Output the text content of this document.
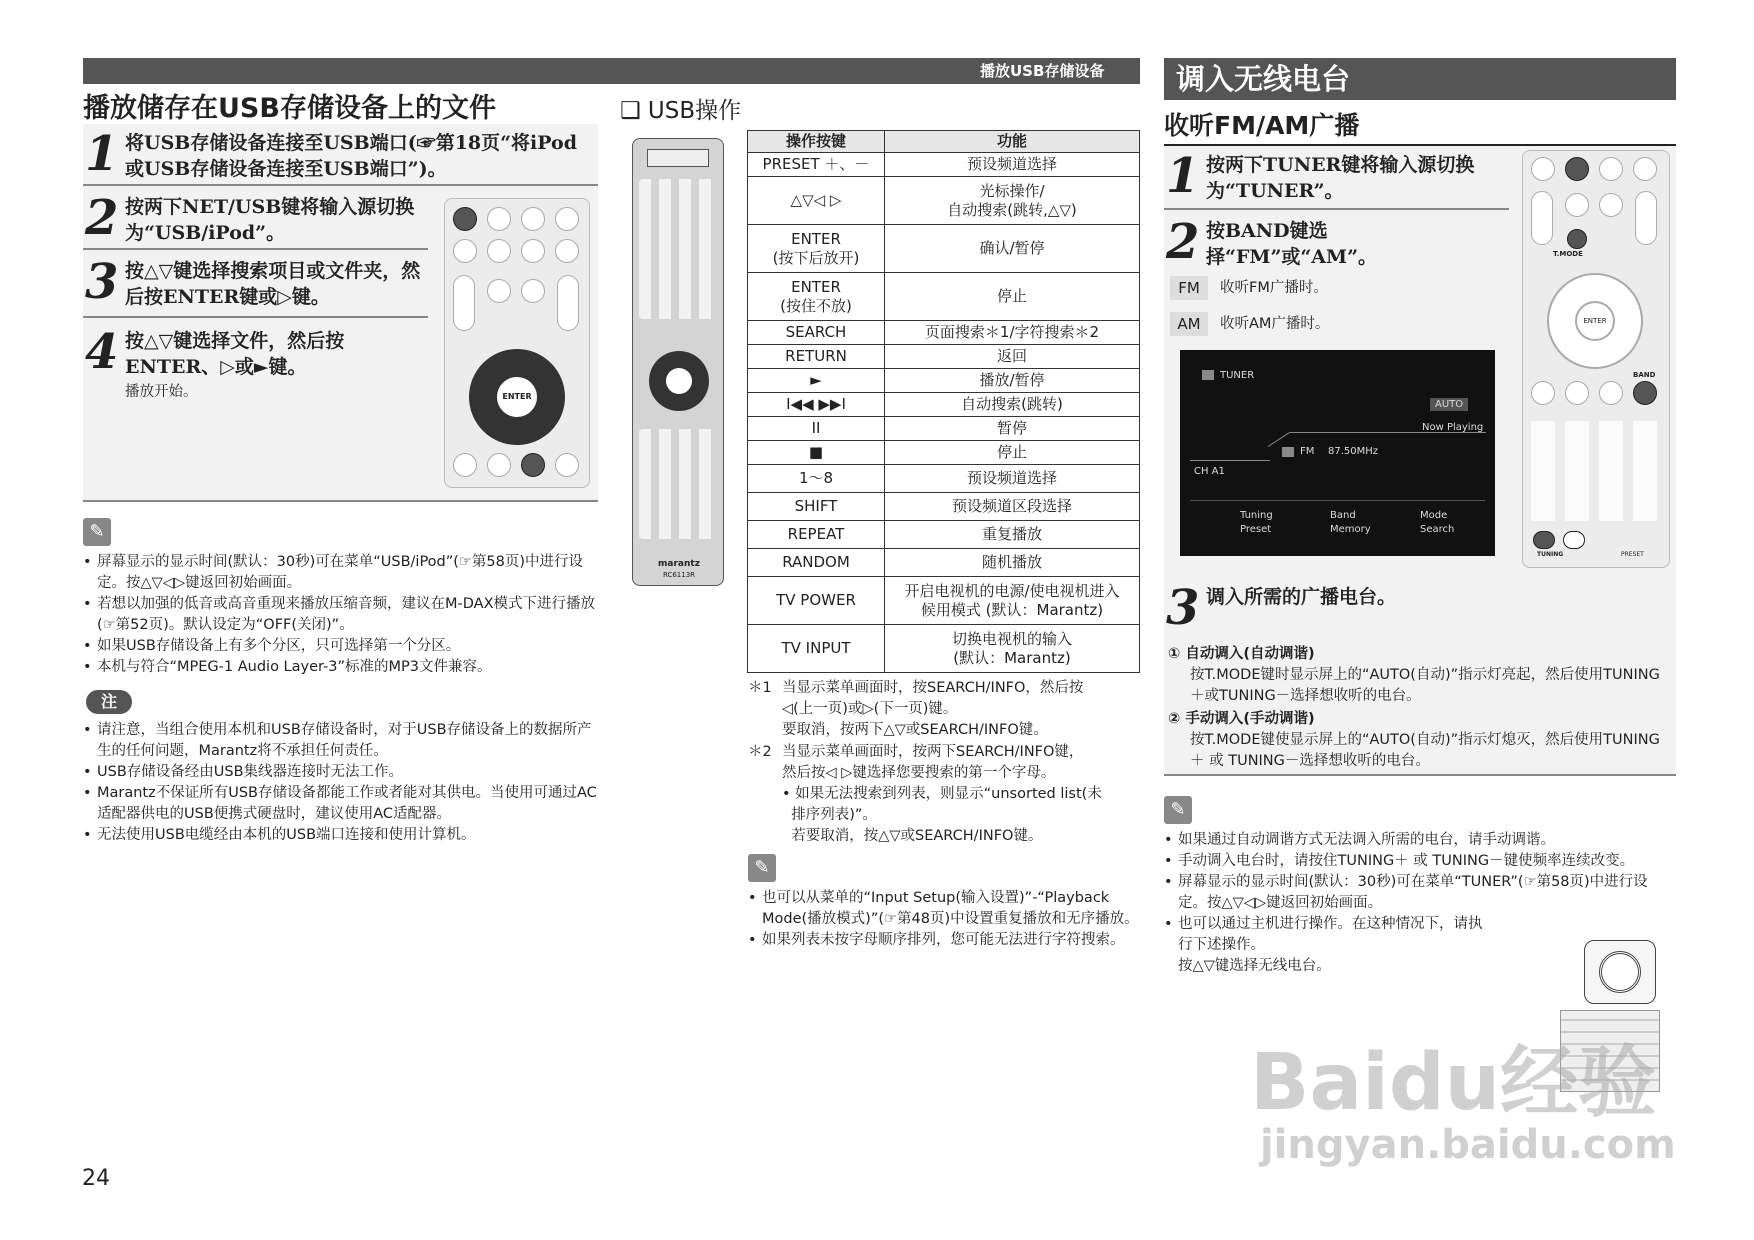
播放USB存储设备
播放储存在USB存储设备上的文件
1 将USB存储设备连接至USB端口(☞第18页“将iPod或USB存储设备连接至USB端口”)。
2 按两下NET/USB键将输入源切换为“USB/iPod”。
3 按△▽键选择搜索项目或文件夹，然后按ENTER键或▷键。
4 按△▽键选择文件，然后按ENTER、▷或►键。
播放开始。	ENTER
✎
• 屏幕显示的显示时间(默认：30秒)可在菜单“USB/iPod”(☞第58页)中进行设定。按△▽◁▷键返回初始画面。
• 若想以加强的低音或高音重现来播放压缩音频，建议在M-DAX模式下进行播放(☞第52页)。默认设定为“OFF(关闭)”。
• 如果USB存储设备上有多个分区，只可选择第一个分区。
• 本机与符合“MPEG-1 Audio Layer-3”标准的MP3文件兼容。
注
• 请注意，当组合使用本机和USB存储设备时，对于USB存储设备上的数据所产生的任何问题，Marantz将不承担任何责任。
• USB存储设备经由USB集线器连接时无法工作。
• Marantz不保证所有USB存储设备都能工作或者能对其供电。当使用可通过AC适配器供电的USB便携式硬盘时，建议使用AC适配器。
• 无法使用USB电缆经由本机的USB端口连接和使用计算机。
24
❑ USB操作
marantz
RC6113R
操作按键	功能
PRESET ＋、－	预设频道选择
△▽◁ ▷	光标操作/
自动搜索(跳转,△▽)
ENTER
(按下后放开)	确认/暂停
ENTER
(按住不放)	停止
SEARCH	页面搜索＊1/字符搜索＊2
RETURN	返回
►	播放/暂停
I◀◀ ▶▶I	自动搜索(跳转)
II	暂停
■	停止
1〜8	预设频道选择
SHIFT	预设频道区段选择
REPEAT	重复播放
RANDOM	随机播放
TV POWER	开启电视机的电源/使电视机进入
候用模式 (默认：Marantz)
TV INPUT	切换电视机的输入
(默认：Marantz)
＊1 当显示菜单画面时，按SEARCH/INFO，然后按
◁(上一页)或▷(下一页)键。
要取消，按两下△▽或SEARCH/INFO键。
＊2 当显示菜单画面时，按两下SEARCH/INFO键，
然后按◁ ▷键选择您要搜索的第一个字母。
• 如果无法搜索到列表，则显示“unsorted list(未
排序列表)”。
若要取消，按△▽或SEARCH/INFO键。
✎
• 也可以从菜单的“Input Setup(输入设置)”-“Playback Mode(播放模式)”(☞第48页)中设置重复播放和无序播放。
• 如果列表未按字母顺序排列，您可能无法进行字符搜索。
调入无线电台
收听FM/AM广播
1 按两下TUNER键将输入源切换为“TUNER”。
2 按BAND键选择“FM”或“AM”。
FM	收听FM广播时。
AM	收听AM广播时。
TUNER
AUTO
Now Playing
CH A1
FM 87.50MHz
Tuning	Band	Mode
Preset	Memory	Search
T.MODE
ENTER
BAND
TUNING	PRESET
3 调入所需的广播电台。
① 自动调入(自动调谐)
按T.MODE键时显示屏上的“AUTO(自动)”指示灯亮起，然后使用TUNING＋或TUNING－选择想收听的电台。
② 手动调入(手动调谐)
按T.MODE键使显示屏上的“AUTO(自动)”指示灯熄灭，然后使用TUNING＋ 或 TUNING－选择想收听的电台。
✎
• 如果通过自动调谐方式无法调入所需的电台，请手动调谐。
• 手动调入电台时，请按住TUNING＋ 或 TUNING－键使频率连续改变。
• 屏幕显示的显示时间(默认：30秒)可在菜单“TUNER”(☞第58页)中进行设定。按△▽◁▷键返回初始画面。
• 也可以通过主机进行操作。在这种情况下，请执行下述操作。
按△▽键选择无线电台。
Baidu经验
jingyan.baidu.com
